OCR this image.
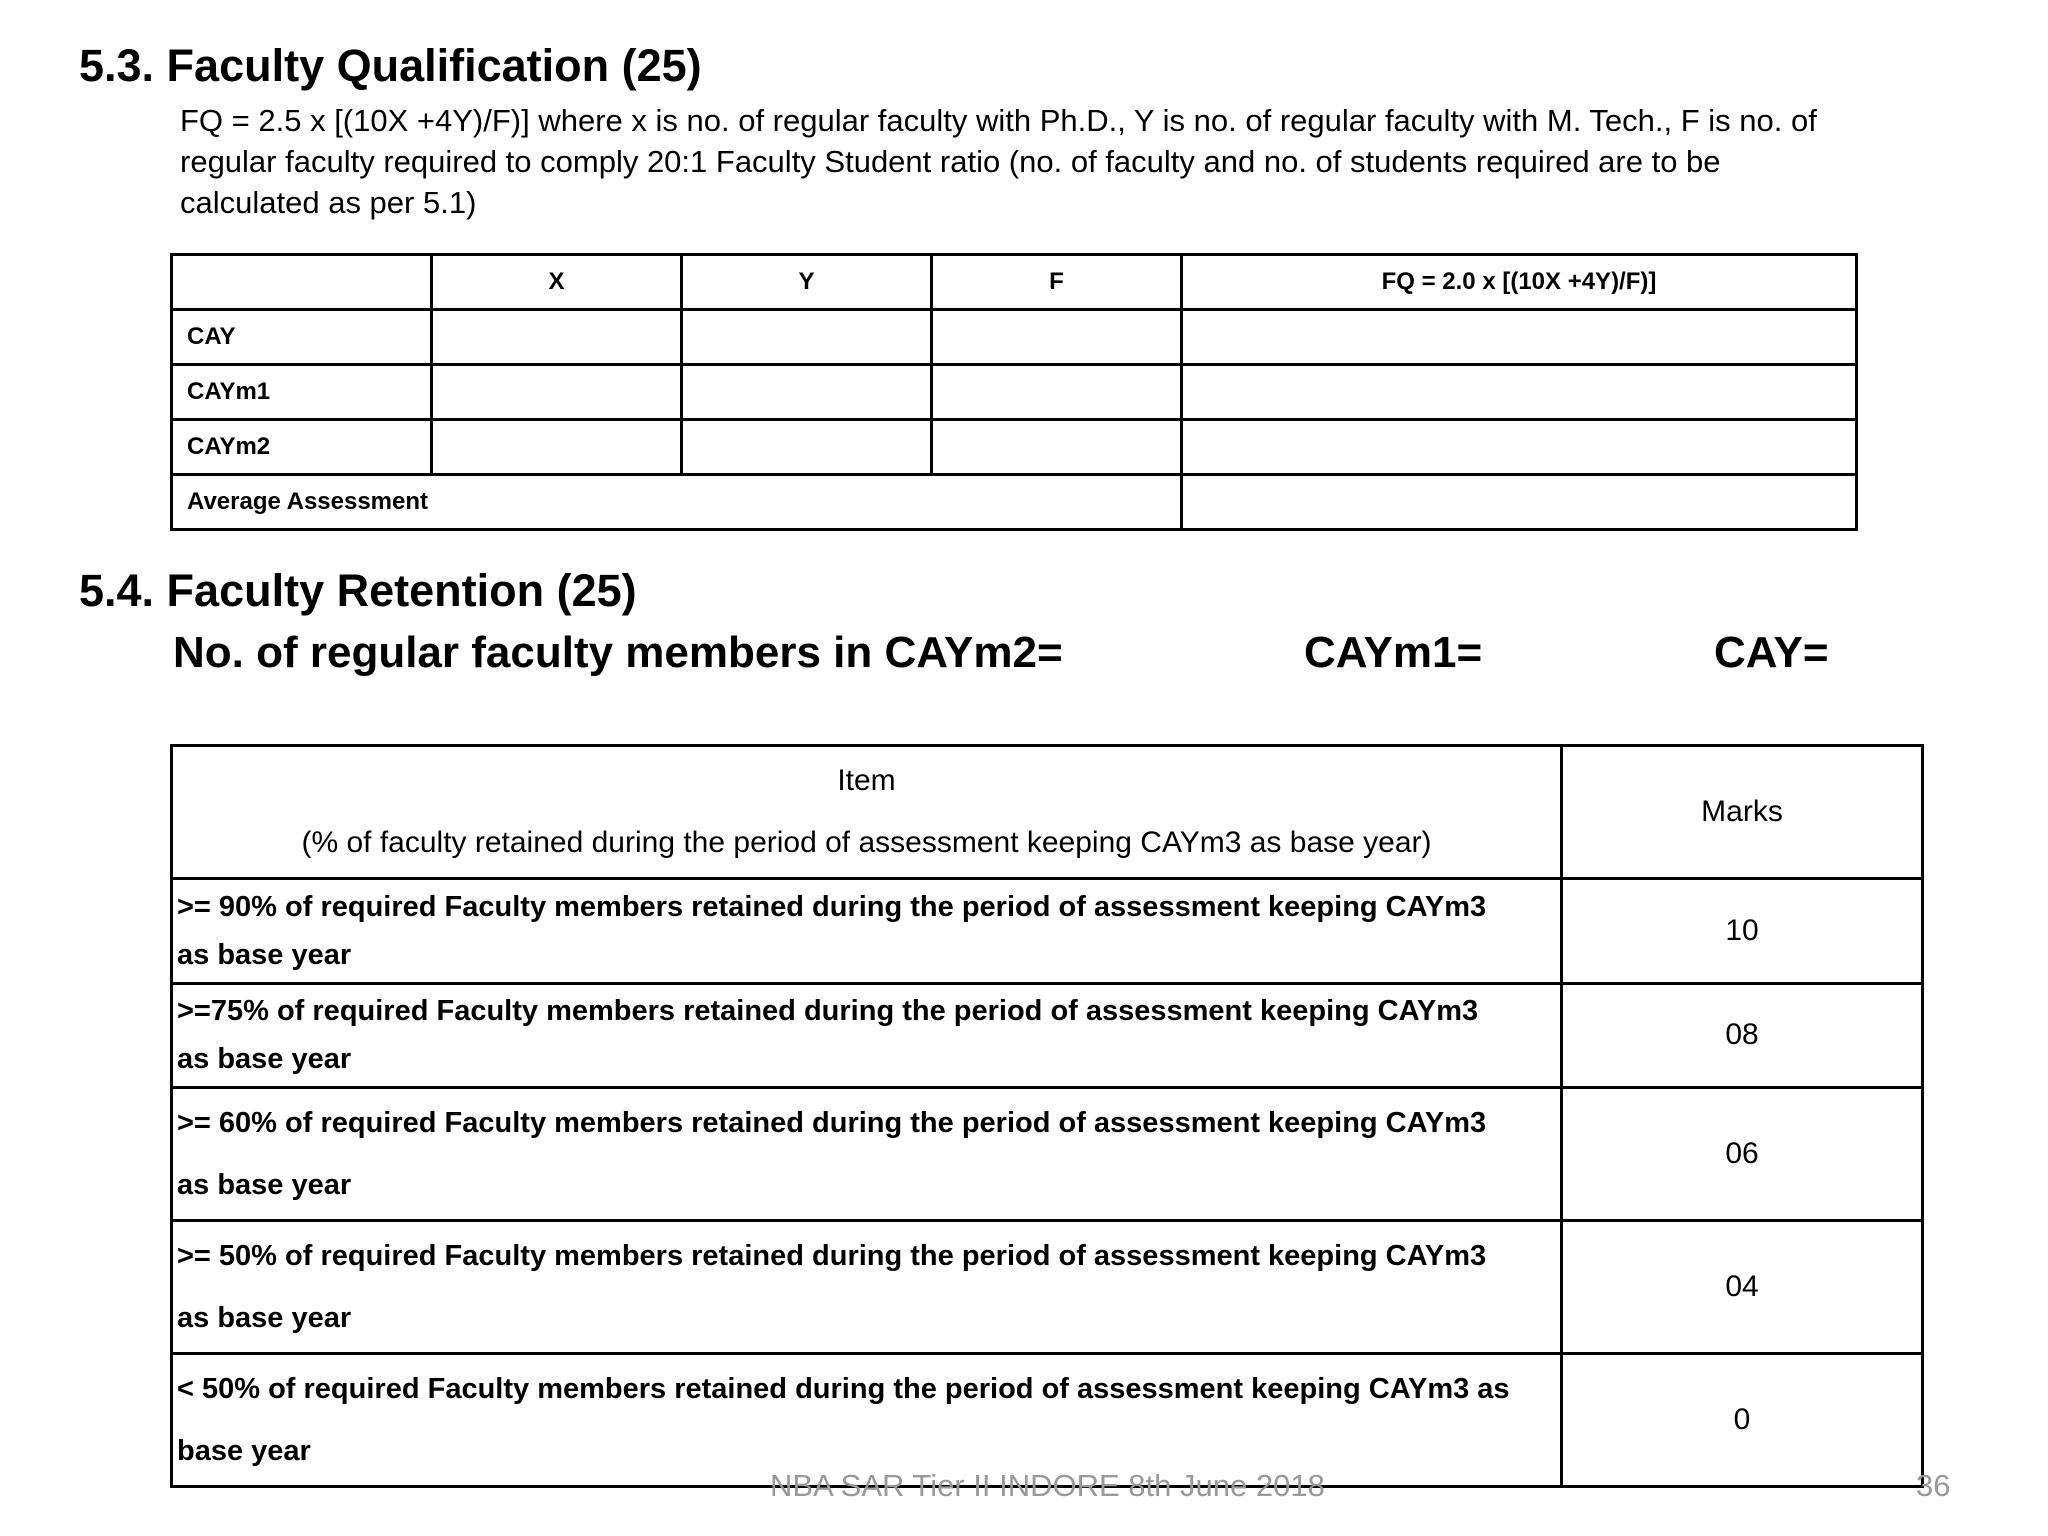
5.3. Faculty Qualification (25)
FQ = 2.5 x [(10X +4Y)/F)] where x is no. of regular faculty with Ph.D., Y is no. of regular faculty with M. Tech., F is no. of regular faculty required to comply 20:1 Faculty Student ratio (no. of faculty and no. of students required are to be calculated as per 5.1)
	X	Y	F	FQ = 2.0 x [(10X +4Y)/F)]
CAY				
CAYm1				
CAYm2				
Average Assessment				
5.4. Faculty Retention (25)
No. of regular faculty members in CAYm2=	CAYm1=	CAY=
Item
(% of faculty retained during the period of assessment keeping CAYm3 as base year)	Marks

>= 90% of required Faculty members retained during the period of assessment keeping CAYm3
as base year	10

>=75% of required Faculty members retained during the period of assessment keeping CAYm3
as base year	08

>= 60% of required Faculty members retained during the period of assessment keeping CAYm3
as base year	06

>= 50% of required Faculty members retained during the period of assessment keeping CAYm3
as base year	04

< 50% of required Faculty members retained during the period of assessment keeping CAYm3 as
base year	0
NBA SAR Tier II INDORE 8th June 2018	36
